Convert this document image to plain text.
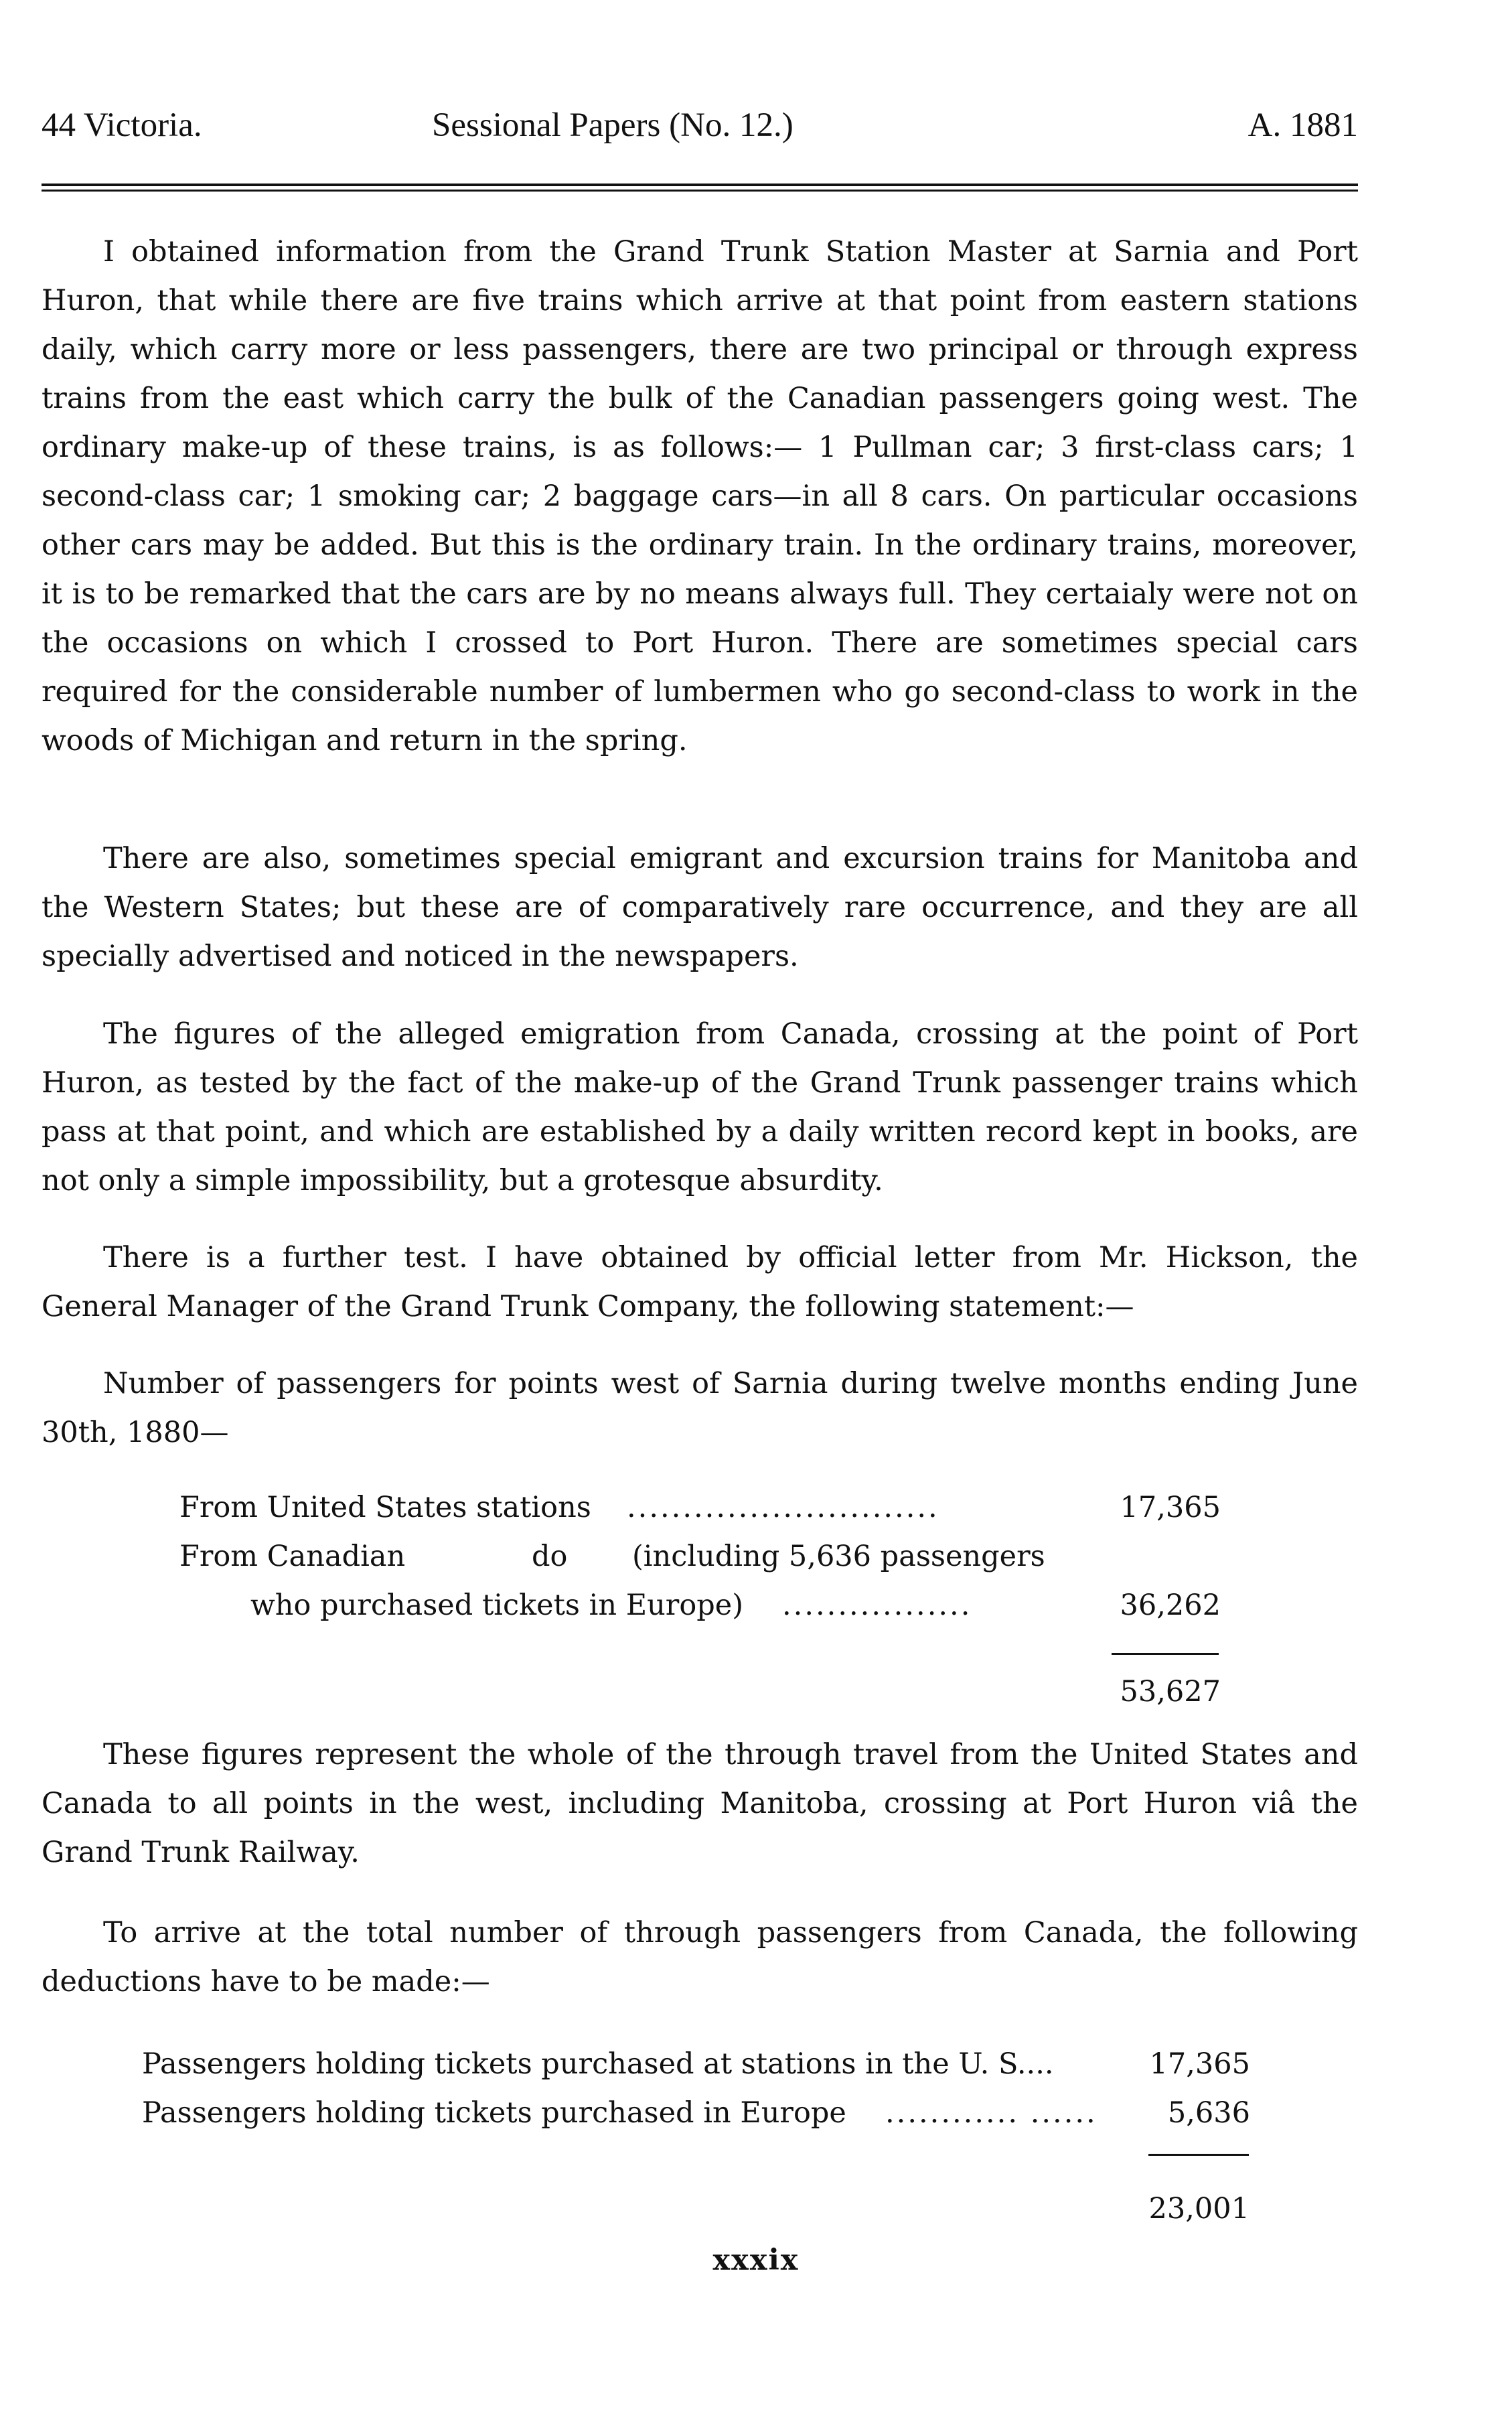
44 Victoria.	Sessional Papers (No. 12.)	A. 1881

I obtained information from the Grand Trunk Station Master at Sarnia and Port Huron, that while there are five trains which arrive at that point from eastern stations daily, which carry more or less passengers, there are two principal or through express trains from the east which carry the bulk of the Canadian passengers going west. The ordinary make-up of these trains, is as follows:— 1 Pullman car; 3 first-class cars; 1 second-class car; 1 smoking car; 2 baggage cars—in all 8 cars. On particular occasions other cars may be added. But this is the ordinary train. In the ordinary trains, moreover, it is to be remarked that the cars are by no means always full. They certaialy were not on the occasions on which I crossed to Port Huron. There are sometimes special cars required for the considerable number of lumbermen who go second-class to work in the woods of Michigan and return in the spring.

There are also, sometimes special emigrant and excursion trains for Manitoba and the Western States; but these are of comparatively rare occurrence, and they are all specially advertised and noticed in the newspapers.

The figures of the alleged emigration from Canada, crossing at the point of Port Huron, as tested by the fact of the make-up of the Grand Trunk passenger trains which pass at that point, and which are established by a daily written record kept in books, are not only a simple impossibility, but a grotesque absurdity.

There is a further test. I have obtained by official letter from Mr. Hickson, the General Manager of the Grand Trunk Company, the following statement:—

Number of passengers for points west of Sarnia during twelve months ending June 30th, 1880—

From United States stations ............................	17,365
From Canadian	do (including 5,636 passengers
who purchased tickets in Europe) .................	36,262
53,627

These figures represent the whole of the through travel from the United States and Canada to all points in the west, including Manitoba, crossing at Port Huron viâ the Grand Trunk Railway.

To arrive at the total number of through passengers from Canada, the following deductions have to be made:—

Passengers holding tickets purchased at stations in the U. S....	17,365
Passengers holding tickets purchased in Europe ............ ......	5,636
23,001
xxxix
